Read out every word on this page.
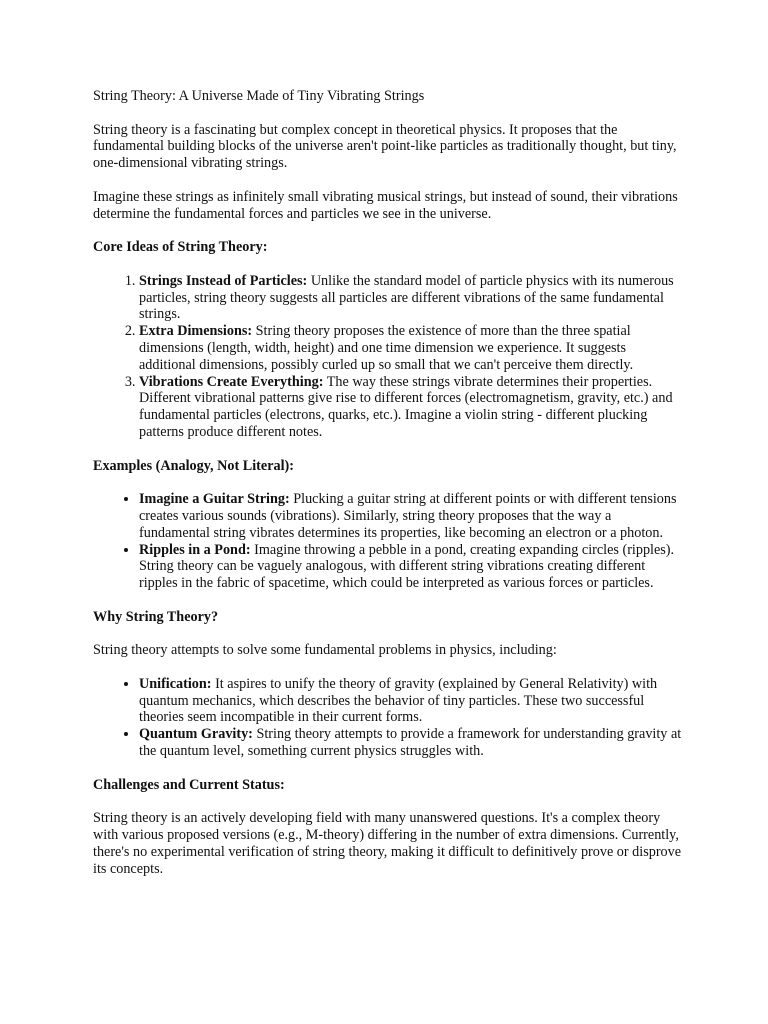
String Theory: A Universe Made of Tiny Vibrating Strings

String theory is a fascinating but complex concept in theoretical physics. It proposes that the fundamental building blocks of the universe aren't point-like particles as traditionally thought, but tiny, one-dimensional vibrating strings.

Imagine these strings as infinitely small vibrating musical strings, but instead of sound, their vibrations determine the fundamental forces and particles we see in the universe.

Core Ideas of String Theory:

1. Strings Instead of Particles: Unlike the standard model of particle physics with its numerous particles, string theory suggests all particles are different vibrations of the same fundamental strings.
2. Extra Dimensions: String theory proposes the existence of more than the three spatial dimensions (length, width, height) and one time dimension we experience. It suggests additional dimensions, possibly curled up so small that we can't perceive them directly.
3. Vibrations Create Everything: The way these strings vibrate determines their properties. Different vibrational patterns give rise to different forces (electromagnetism, gravity, etc.) and fundamental particles (electrons, quarks, etc.). Imagine a violin string - different plucking patterns produce different notes.

Examples (Analogy, Not Literal):

• Imagine a Guitar String: Plucking a guitar string at different points or with different tensions creates various sounds (vibrations). Similarly, string theory proposes that the way a fundamental string vibrates determines its properties, like becoming an electron or a photon.
• Ripples in a Pond: Imagine throwing a pebble in a pond, creating expanding circles (ripples). String theory can be vaguely analogous, with different string vibrations creating different ripples in the fabric of spacetime, which could be interpreted as various forces or particles.

Why String Theory?

String theory attempts to solve some fundamental problems in physics, including:

• Unification: It aspires to unify the theory of gravity (explained by General Relativity) with quantum mechanics, which describes the behavior of tiny particles. These two successful theories seem incompatible in their current forms.
• Quantum Gravity: String theory attempts to provide a framework for understanding gravity at the quantum level, something current physics struggles with.

Challenges and Current Status:

String theory is an actively developing field with many unanswered questions. It's a complex theory with various proposed versions (e.g., M-theory) differing in the number of extra dimensions. Currently, there's no experimental verification of string theory, making it difficult to definitively prove or disprove its concepts.
